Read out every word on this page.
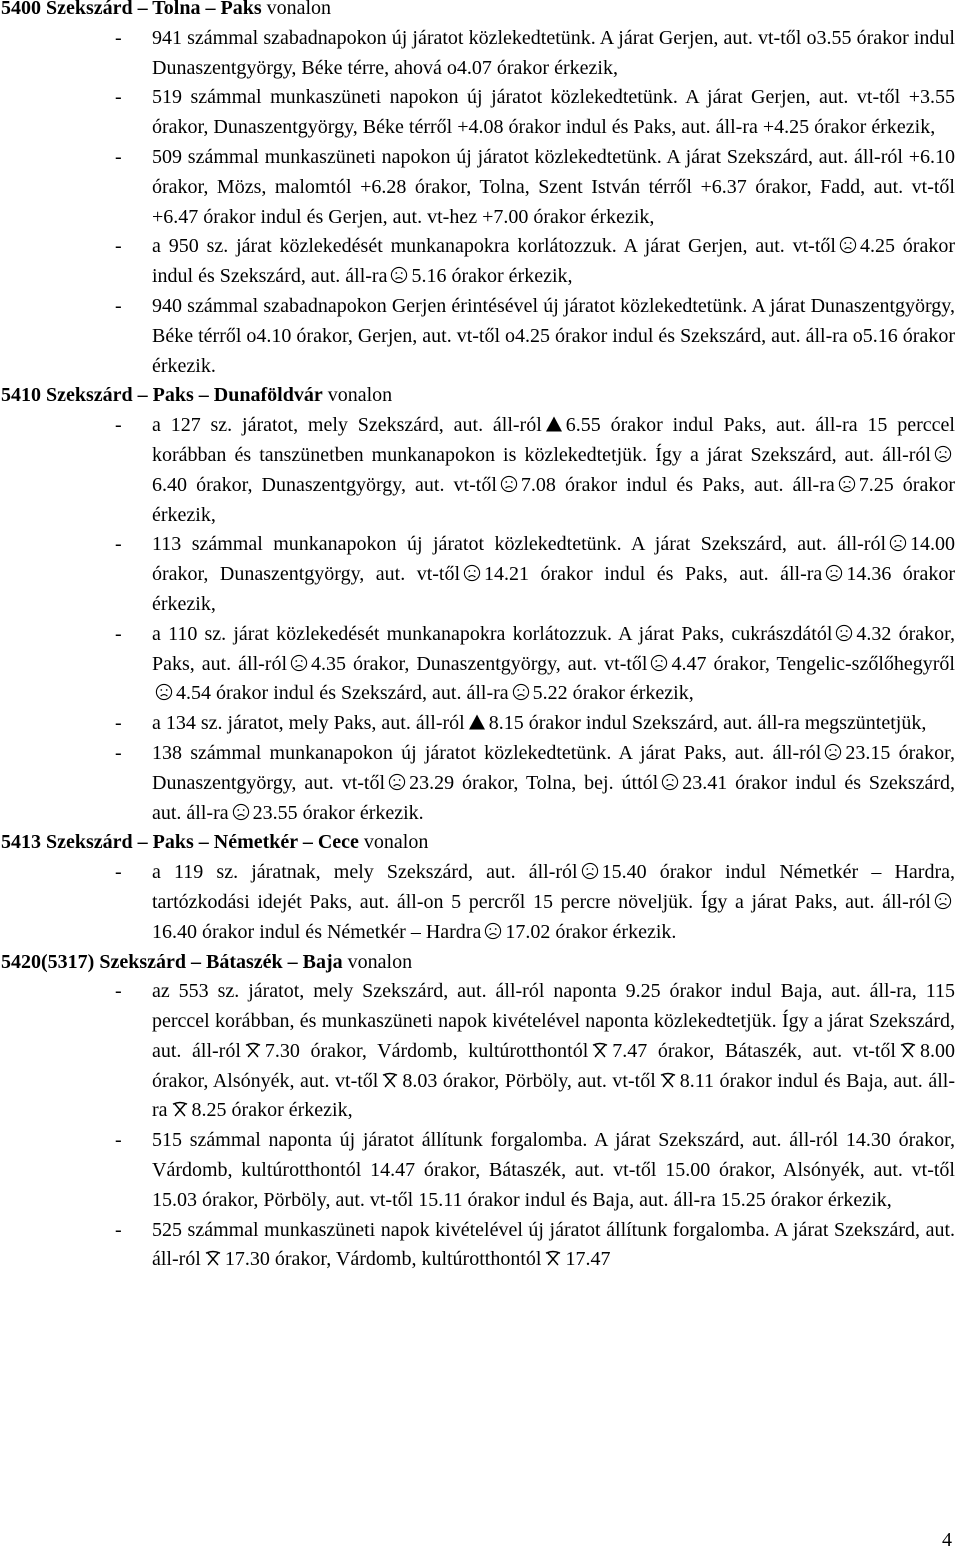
5400 Szekszárd – Tolna – Paks vonalon
- 941 számmal szabadnapokon új járatot közlekedtetünk. A járat Gerjen, aut. vt-től o3.55 órakor indul Dunaszentgyörgy, Béke térre, ahová o4.07 órakor érkezik,
- 519 számmal munkaszüneti napokon új járatot közlekedtetünk. A járat Gerjen, aut. vt-től +3.55 órakor, Dunaszentgyörgy, Béke térről +4.08 órakor indul és Paks, aut. áll-ra +4.25 órakor érkezik,
- 509 számmal munkaszüneti napokon új járatot közlekedtetünk. A járat Szekszárd, aut. áll-ról +6.10 órakor, Mözs, malomtól +6.28 órakor, Tolna, Szent István térről +6.37 órakor, Fadd, aut. vt-től +6.47 órakor indul és Gerjen, aut. vt-hez +7.00 órakor érkezik,
- a 950 sz. járat közlekedését munkanapokra korlátozzuk. A járat Gerjen, aut. vt-től 4.25 órakor indul és Szekszárd, aut. áll-ra 5.16 órakor érkezik,
- 940 számmal szabadnapokon Gerjen érintésével új járatot közlekedtetünk. A járat Dunaszentgyörgy, Béke térről o4.10 órakor, Gerjen, aut. vt-től o4.25 órakor indul és Szekszárd, aut. áll-ra o5.16 órakor érkezik.
5410 Szekszárd – Paks – Dunaföldvár vonalon
- a 127 sz. járatot, mely Szekszárd, aut. áll-ról 6.55 órakor indul Paks, aut. áll-ra 15 perccel korábban és tanszünetben munkanapokon is közlekedtetjük. Így a járat Szekszárd, aut. áll-ról
6.40 órakor, Dunaszentgyörgy, aut. vt-től 7.08 órakor indul és Paks, aut. áll-ra 7.25 órakor érkezik,
- 113 számmal munkanapokon új járatot közlekedtetünk. A járat Szekszárd, aut. áll-ról 14.00 órakor, Dunaszentgyörgy, aut. vt-től 14.21 órakor indul és Paks, aut. áll-ra 14.36 órakor érkezik,
- a 110 sz. járat közlekedését munkanapokra korlátozzuk. A járat Paks, cukrászdától 4.32 órakor, Paks, aut. áll-ról 4.35 órakor, Dunaszentgyörgy, aut. vt-től 4.47 órakor, Tengelic-szőlőhegyről
4.54 órakor indul és Szekszárd, aut. áll-ra 5.22 órakor érkezik,
- a 134 sz. járatot, mely Paks, aut. áll-ról 8.15 órakor indul Szekszárd, aut. áll-ra megszüntetjük,
- 138 számmal munkanapokon új járatot közlekedtetünk. A járat Paks, aut. áll-ról 23.15 órakor, Dunaszentgyörgy, aut. vt-től 23.29 órakor, Tolna, bej. úttól 23.41 órakor indul és Szekszárd, aut. áll-ra 23.55 órakor érkezik.
5413 Szekszárd – Paks – Németkér – Cece vonalon
- a 119 sz. járatnak, mely Szekszárd, aut. áll-ról 15.40 órakor indul Németkér – Hardra, tartózkodási idejét Paks, aut. áll-on 5 percről 15 percre növeljük. Így a járat Paks, aut. áll-ról
16.40 órakor indul és Németkér – Hardra 17.02 órakor érkezik.
5420(5317) Szekszárd – Bátaszék – Baja vonalon
- az 553 sz. járatot, mely Szekszárd, aut. áll-ról naponta 9.25 órakor indul Baja, aut. áll-ra, 115 perccel korábban, és munkaszüneti napok kivételével naponta közlekedtetjük. Így a járat Szekszárd, aut. áll-ról 7.30 órakor, Várdomb, kultúrotthontól 7.47 órakor, Bátaszék, aut. vt-től 8.00 órakor, Alsónyék, aut. vt-től 8.03 órakor, Pörböly, aut. vt-től 8.11 órakor indul és Baja, aut. áll-ra 8.25 órakor érkezik,
- 515 számmal naponta új járatot állítunk forgalomba. A járat Szekszárd, aut. áll-ról 14.30 órakor, Várdomb, kultúrotthontól 14.47 órakor, Bátaszék, aut. vt-től 15.00 órakor, Alsónyék, aut. vt-től 15.03 órakor, Pörböly, aut. vt-től 15.11 órakor indul és Baja, aut. áll-ra 15.25 órakor érkezik,
- 525 számmal munkaszüneti napok kivételével új járatot állítunk forgalomba. A járat Szekszárd, aut. áll-ról 17.30 órakor, Várdomb, kultúrotthontól 17.47
4
